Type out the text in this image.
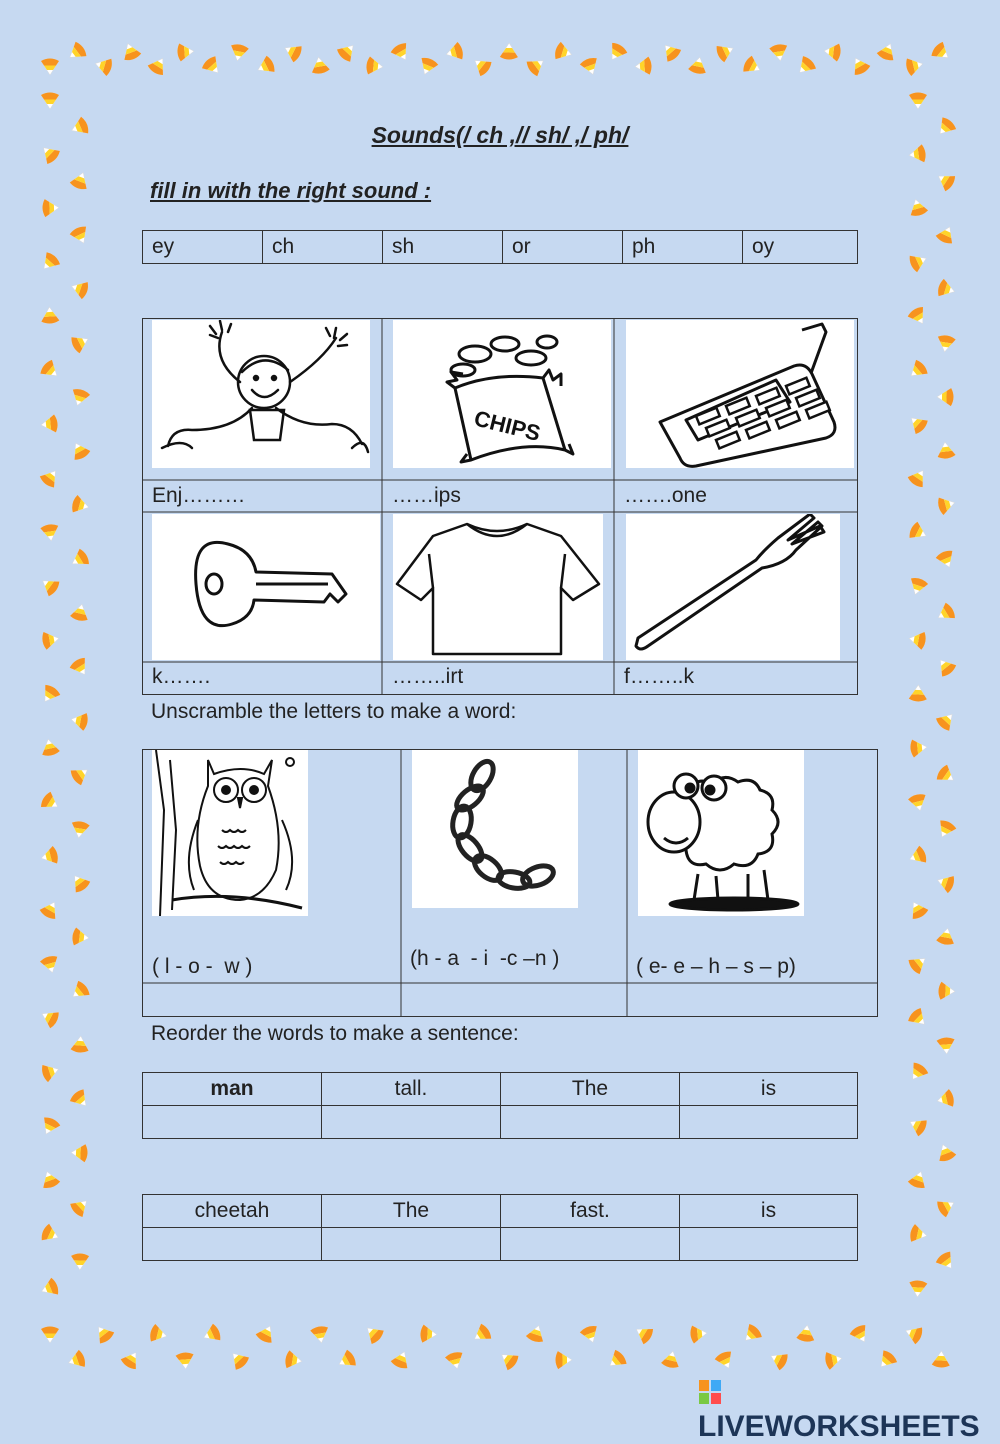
Sounds(/ ch ,// sh/ ,/ ph/
fill in with the right sound :
ey	ch	sh	or	ph	oy
CHIPS
Enj………	……ips	…….one
k…….	……..irt	f……..k
Unscramble the letters to make a word:
( l - o -  w )	(h - a  - i  -c –n )	( e- e – h – s – p)
Reorder the words to make a sentence:
man	tall.	The	is

cheetah	The	fast.	is

LIVEWORKSHEETS
